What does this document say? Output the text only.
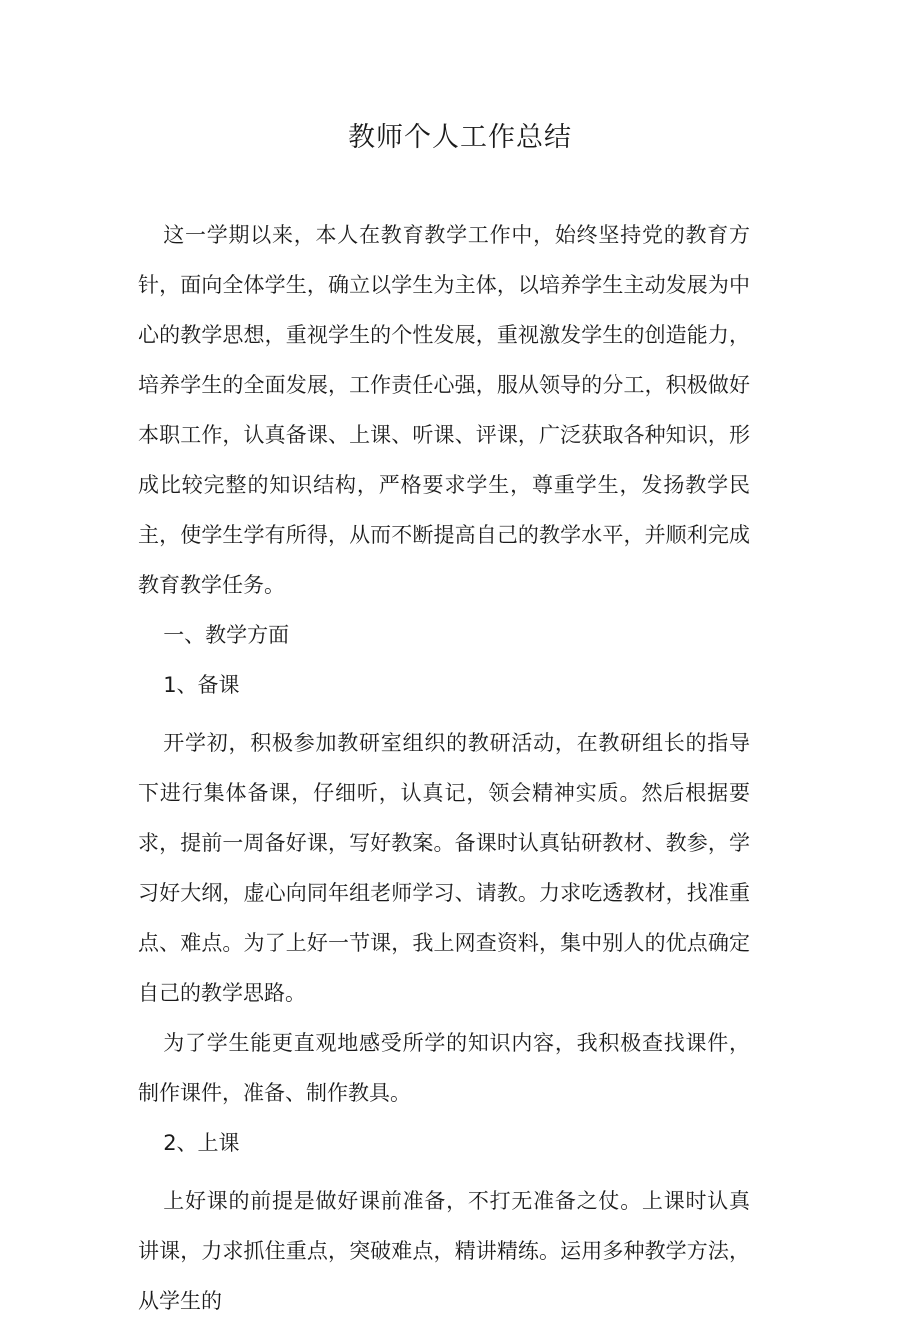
教师个人工作总结

这一学期以来，本人在教育教学工作中，始终坚持党的教育方针，面向全体学生，确立以学生为主体，以培养学生主动发展为中心的教学思想，重视学生的个性发展，重视激发学生的创造能力，培养学生的全面发展，工作责任心强，服从领导的分工，积极做好本职工作，认真备课、上课、听课、评课，广泛获取各种知识，形成比较完整的知识结构，严格要求学生，尊重学生，发扬教学民主，使学生学有所得，从而不断提高自己的教学水平，并顺利完成教育教学任务。

一、教学方面

1、备课

开学初，积极参加教研室组织的教研活动，在教研组长的指导下进行集体备课，仔细听，认真记，领会精神实质。然后根据要求，提前一周备好课，写好教案。备课时认真钻研教材、教参，学习好大纲，虚心向同年组老师学习、请教。力求吃透教材，找准重点、难点。为了上好一节课，我上网查资料，集中别人的优点确定自己的教学思路。

为了学生能更直观地感受所学的知识内容，我积极查找课件，制作课件，准备、制作教具。

2、上课

上好课的前提是做好课前准备，不打无准备之仗。上课时认真讲课，力求抓住重点，突破难点，精讲精练。运用多种教学方法，从学生的
